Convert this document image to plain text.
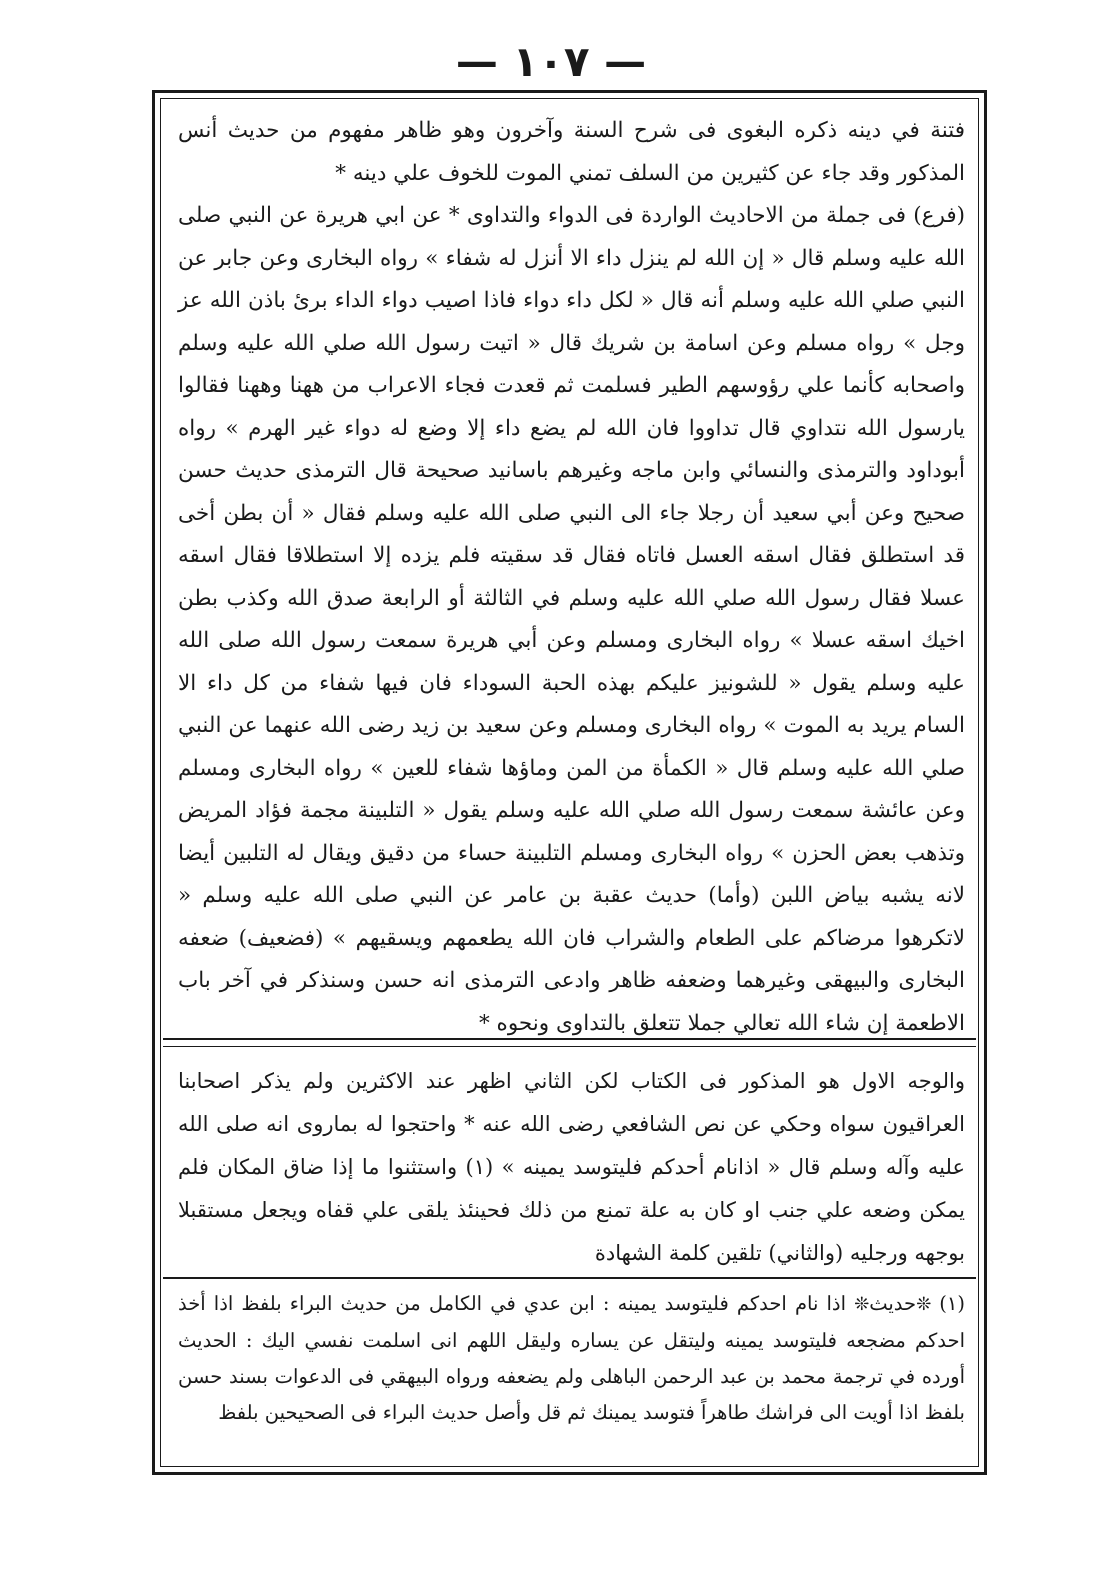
— ١٠٧ —

فتنة في دينه ذكره البغوى فى شرح السنة وآخرون وهو ظاهر مفهوم من حديث أنس المذكور وقد جاء عن كثيرين من السلف تمني الموت للخوف علي دينه *

(فرع) فى جملة من الاحاديث الواردة فى الدواء والتداوى * عن ابي هريرة عن النبي صلى الله عليه وسلم قال « إن الله لم ينزل داء الا أنزل له شفاء » رواه البخارى وعن جابر عن النبي صلي الله عليه وسلم أنه قال « لكل داء دواء فاذا اصيب دواء الداء برئ باذن الله عز وجل » رواه مسلم وعن اسامة بن شريك قال « اتيت رسول الله صلي الله عليه وسلم واصحابه كأنما علي رؤوسهم الطير فسلمت ثم قعدت فجاء الاعراب من ههنا وههنا فقالوا يارسول الله نتداوي قال تداووا فان الله لم يضع داء إلا وضع له دواء غير الهرم » رواه أبوداود والترمذى والنسائي وابن ماجه وغيرهم باسانيد صحيحة قال الترمذى حديث حسن صحيح وعن أبي سعيد أن رجلا جاء الى النبي صلى الله عليه وسلم فقال « أن بطن أخى قد استطلق فقال اسقه العسل فاتاه فقال قد سقيته فلم يزده إلا استطلاقا فقال اسقه عسلا فقال رسول الله صلي الله عليه وسلم في الثالثة أو الرابعة صدق الله وكذب بطن اخيك اسقه عسلا » رواه البخارى ومسلم وعن أبي هريرة سمعت رسول الله صلى الله عليه وسلم يقول « للشونيز عليكم بهذه الحبة السوداء فان فيها شفاء من كل داء الا السام يريد به الموت » رواه البخارى ومسلم وعن سعيد بن زيد رضى الله عنهما عن النبي صلي الله عليه وسلم قال « الكمأة من المن وماؤها شفاء للعين » رواه البخارى ومسلم وعن عائشة سمعت رسول الله صلي الله عليه وسلم يقول « التلبينة مجمة فؤاد المريض وتذهب بعض الحزن » رواه البخارى ومسلم التلبينة حساء من دقيق ويقال له التلبين أيضا لانه يشبه بياض اللبن (وأما) حديث عقبة بن عامر عن النبي صلى الله عليه وسلم « لاتكرهوا مرضاكم على الطعام والشراب فان الله يطعمهم ويسقيهم » (فضعيف) ضعفه البخارى والبيهقى وغيرهما وضعفه ظاهر وادعى الترمذى انه حسن وسنذكر في آخر باب الاطعمة إن شاء الله تعالي جملا تتعلق بالتداوى ونحوه *

والوجه الاول هو المذكور فى الكتاب لكن الثاني اظهر عند الاكثرين ولم يذكر اصحابنا العراقيون سواه وحكي عن نص الشافعي رضى الله عنه * واحتجوا له بماروى انه صلى الله عليه وآله وسلم قال « اذانام أحدكم فليتوسد يمينه » (١) واستثنوا ما إذا ضاق المكان فلم يمكن وضعه علي جنب او كان به علة تمنع من ذلك فحينئذ يلقى علي قفاه ويجعل مستقبلا بوجهه ورجليه (والثاني) تلقين كلمة الشهادة

(١) ❊حديث❊ اذا نام احدكم فليتوسد يمينه : ابن عدي في الكامل من حديث البراء بلفظ اذا أخذ احدكم مضجعه فليتوسد يمينه وليتقل عن يساره وليقل اللهم انى اسلمت نفسي اليك : الحديث أورده في ترجمة محمد بن عبد الرحمن الباهلى ولم يضعفه ورواه البيهقي فى الدعوات بسند حسن بلفظ اذا أويت الى فراشك طاهراً فتوسد يمينك ثم قل وأصل حديث البراء فى الصحيحين بلفظ
